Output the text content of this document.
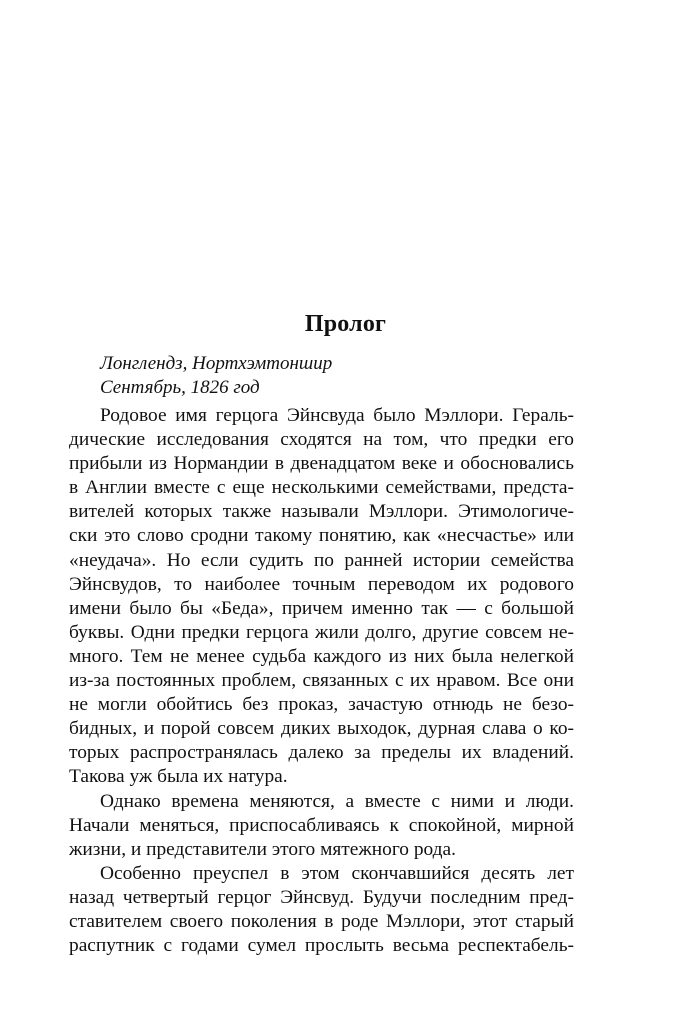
Пролог
Лонглендз, Нортхэмтоншир
Сентябрь, 1826 год
Родовое имя герцога Эйнсвуда было Мэллори. Гераль-
дические исследования сходятся на том, что предки его
прибыли из Нормандии в двенадцатом веке и обосновались
в Англии вместе с еще несколькими семействами, предста-
вителей которых также называли Мэллори. Этимологиче-
ски это слово сродни такому понятию, как «несчастье» или
«неудача». Но если судить по ранней истории семейства
Эйнсвудов, то наиболее точным переводом их родового
имени было бы «Беда», причем именно так — с большой
буквы. Одни предки герцога жили долго, другие совсем не-
много. Тем не менее судьба каждого из них была нелегкой
из-за постоянных проблем, связанных с их нравом. Все они
не могли обойтись без проказ, зачастую отнюдь не безо-
бидных, и порой совсем диких выходок, дурная слава о ко-
торых распространялась далеко за пределы их владений.
Такова уж была их натура.
Однако времена меняются, а вместе с ними и люди.
Начали меняться, приспосабливаясь к спокойной, мирной
жизни, и представители этого мятежного рода.
Особенно преуспел в этом скончавшийся десять лет
назад четвертый герцог Эйнсвуд. Будучи последним пред-
ставителем своего поколения в роде Мэллори, этот старый
распутник с годами сумел прослыть весьма респектабель-
